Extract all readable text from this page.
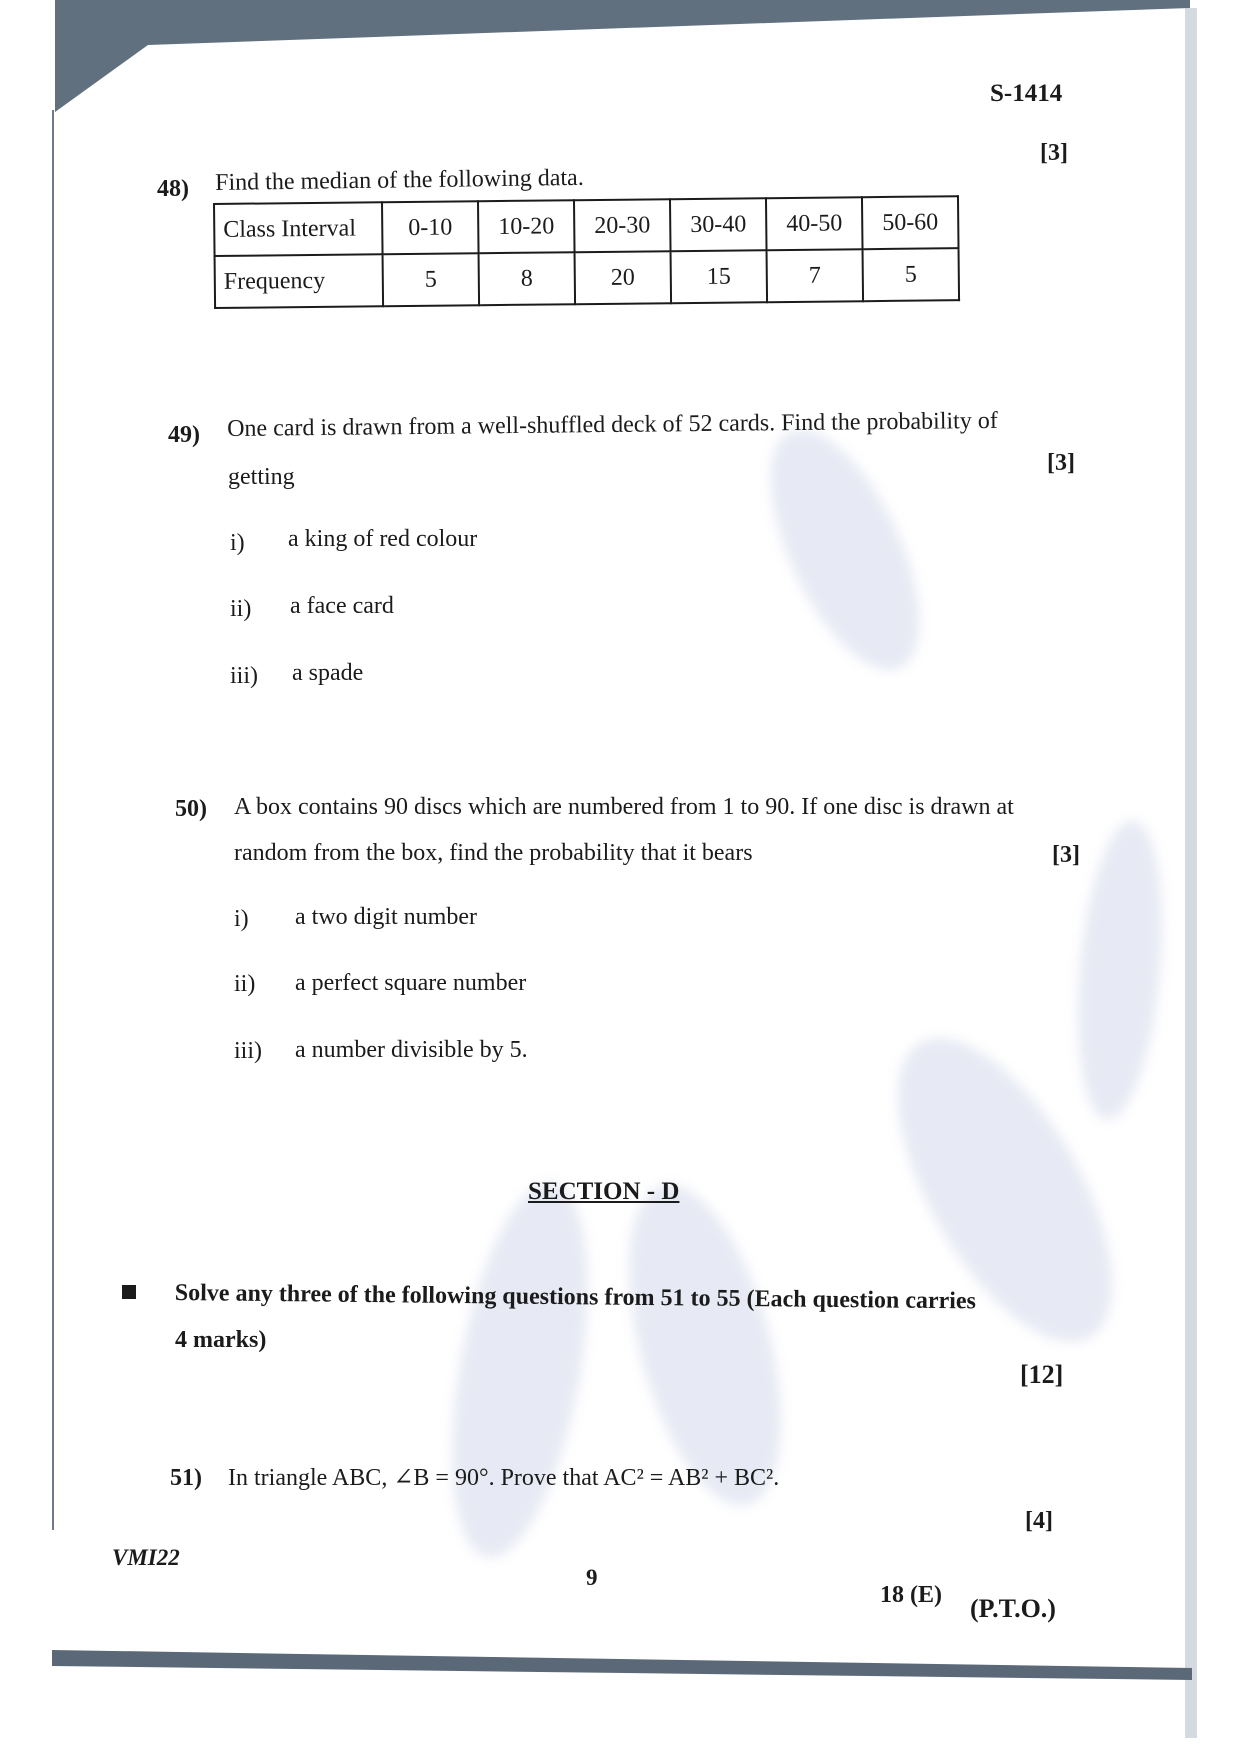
S-1414
48) Find the median of the following data.
[3]
Class Interval	0-10	10-20	20-30	30-40	40-50	50-60
Frequency	5	8	20	15	7	5
49) One card is drawn from a well-shuffled deck of 52 cards. Find the probability of
getting
[3]
i) a king of red colour
ii) a face card
iii) a spade
50) A box contains 90 discs which are numbered from 1 to 90. If one disc is drawn at
random from the box, find the probability that it bears	[3]
i) a two digit number
ii) a perfect square number
iii) a number divisible by 5.
SECTION - D
Solve any three of the following questions from 51 to 55 (Each question carries
4 marks)
[12]
51) In triangle ABC, ∠B = 90°. Prove that AC² = AB² + BC².
[4]
VMI22
9
18 (E) (P.T.O.)
